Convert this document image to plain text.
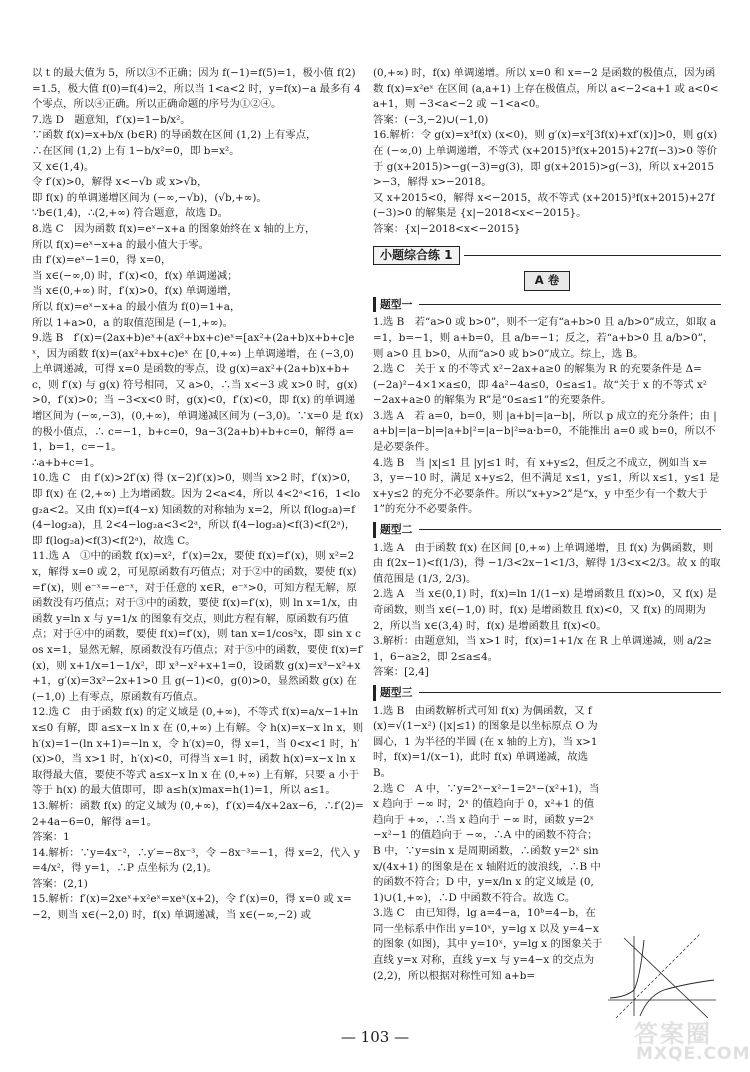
以 t 的最大值为 5，所以③不正确；因为 f(−1)=f(5)=1，极小值 f(2)=1.5，极大值 f(0)=f(4)=2，所以当 1<a<2 时，y=f(x)−a 最多有 4 个零点，所以④正确。所以正确命题的序号为①②④。

7.选 D　题意知，f′(x)=1−b/x²。

∵函数 f(x)=x+b/x (b∈R) 的导函数在区间 (1,2) 上有零点，

∴在区间 (1,2) 上有 1−b/x²=0，即 b=x²。

又 x∈(1,4)。

令 f′(x)>0，解得 x<−√b 或 x>√b，

即 f(x) 的单调递增区间为 (−∞,−√b)，(√b,+∞)。

∵b∈(1,4)，∴(2,+∞) 符合题意，故选 D。

8.选 C　因为函数 f(x)=eˣ−x+a 的图象始终在 x 轴的上方，

所以 f(x)=eˣ−x+a 的最小值大于零。

由 f′(x)=eˣ−1=0，得 x=0，

当 x∈(−∞,0) 时，f′(x)<0，f(x) 单调递减；

当 x∈(0,+∞) 时，f′(x)>0，f(x) 单调递增，

所以 f(x)=eˣ−x+a 的最小值为 f(0)=1+a，

所以 1+a>0，a 的取值范围是 (−1,+∞)。

9.选 B　f′(x)=(2ax+b)eˣ+(ax²+bx+c)eˣ=[ax²+(2a+b)x+b+c]eˣ，因为函数 f(x)=(ax²+bx+c)eˣ 在 [0,+∞) 上单调递增，在 (−3,0) 上单调递减，可得 x=0 是函数的零点，设 g(x)=ax²+(2a+b)x+b+c，则 f′(x) 与 g(x) 符号相同，又 a>0，∴当 x<−3 或 x>0 时，g(x)>0，f′(x)>0；当 −3<x<0 时，g(x)<0，f′(x)<0，即 f(x) 的单调递增区间为 (−∞,−3)，(0,+∞)，单调递减区间为 (−3,0)。∵x=0 是 f(x) 的极小值点，∴ c=−1，b+c=0，9a−3(2a+b)+b+c=0，解得 a=1，b=1，c=−1。

∴a+b+c=1。

10.选 C　由 f′(x)>2f′(x) 得 (x−2)f′(x)>0，则当 x>2 时，f′(x)>0，即 f(x) 在 (2,+∞) 上为增函数。因为 2<a<4，所以 4<2ᵃ<16，1<log₂a<2。又由 f(x)=f(4−x) 知函数的对称轴为 x=2，所以 f(log₂a)=f(4−log₂a)，且 2<4−log₂a<3<2ᵃ，所以 f(4−log₂a)<f(3)<f(2ᵃ)，即 f(log₂a)<f(3)<f(2ᵃ)，故选 C。

11.选 A　①中的函数 f(x)=x²，f′(x)=2x，要使 f(x)=f′(x)，则 x²=2x，解得 x=0 或 2，可见原函数有巧值点；对于②中的函数，要使 f(x)=f′(x)，则 e⁻ˣ=−e⁻ˣ，对于任意的 x∈R，e⁻ˣ>0，可知方程无解，原函数没有巧值点；对于③中的函数，要使 f(x)=f′(x)，则 ln x=1/x，由函数 y=ln x 与 y=1/x 的图象有交点，则此方程有解，原函数有巧值点；对于④中的函数，要使 f(x)=f′(x)，则 tan x=1/cos²x，即 sin x cos x=1，显然无解，原函数没有巧值点；对于⑤中的函数，要使 f(x)=f′(x)，则 x+1/x=1−1/x²，即 x³−x²+x+1=0，设函数 g(x)=x³−x²+x+1，g′(x)=3x²−2x+1>0 且 g(−1)<0，g(0)>0，显然函数 g(x) 在 (−1,0) 上有零点，原函数有巧值点。

12.选 C　由于函数 f(x) 的定义域是 (0,+∞)，不等式 f(x)=a/x−1+ln x≤0 有解，即 a≤x−x ln x 在 (0,+∞) 上有解。令 h(x)=x−x ln x，则 h′(x)=1−(ln x+1)=−ln x，令 h′(x)=0，得 x=1，当 0<x<1 时，h′(x)>0，当 x>1 时，h′(x)<0，可得当 x=1 时，函数 h(x)=x−x ln x 取得最大值，要使不等式 a≤x−x ln x 在 (0,+∞) 上有解，只要 a 小于等于 h(x) 的最大值即可，即 a≤h(x)max=h(1)=1，所以 a≤1。

13.解析：函数 f(x) 的定义域为 (0,+∞)，f′(x)=4/x+2ax−6，∴f′(2)=2+4a−6=0，解得 a=1。

答案：1

14.解析：∵y=4x⁻²，∴y′=−8x⁻³，令 −8x⁻³=−1，得 x=2，代入 y=4/x²，得 y=1，∴P 点坐标为 (2,1)。

答案：(2,1)

15.解析：f′(x)=2xeˣ+x²eˣ=xeˣ(x+2)，令 f′(x)=0，得 x=0 或 x=−2，则当 x∈(−2,0) 时，f(x) 单调递减，当 x∈(−∞,−2) 或

(0,+∞) 时，f(x) 单调递增。所以 x=0 和 x=−2 是函数的极值点，因为函数 f(x)=x²eˣ 在区间 (a,a+1) 上存在极值点，所以 a<−2<a+1 或 a<0<a+1，则 −3<a<−2 或 −1<a<0。

答案：(−3,−2)∪(−1,0)

16.解析：令 g(x)=x³f(x) (x<0)，则 g′(x)=x²[3f(x)+xf′(x)]>0，则 g(x) 在 (−∞,0) 上单调递增，不等式 (x+2015)³f(x+2015)+27f(−3)>0 等价于 g(x+2015)>−g(−3)=g(3)，即 g(x+2015)>g(−3)，所以 x+2015>−3，解得 x>−2018。

又 x+2015<0，解得 x<−2015，故不等式 (x+2015)³f(x+2015)+27f(−3)>0 的解集是 {x|−2018<x<−2015}。

答案：{x|−2018<x<−2015}

小题综合练 1
A 卷
题型一

1.选 B　若“a>0 或 b>0”，则不一定有“a+b>0 且 a/b>0”成立，如取 a=1，b=−1，则 a+b=0，且 a/b=−1；反之，若“a+b>0 且 a/b>0”，则 a>0 且 b>0，从而“a>0 或 b>0”成立。综上，选 B。

2.选 C　关于 x 的不等式 x²−2ax+a≥0 的解集为 R 的充要条件是 Δ=(−2a)²−4×1×a≤0，即 4a²−4a≤0，0≤a≤1。故“关于 x 的不等式 x²−2ax+a≥0 的解集为 R”是“0≤a≤1”的充要条件。

3.选 A　若 a=0，b=0，则 |a+b|=|a−b|，所以 p 成立的充分条件；由 |a+b|=|a−b|⇒|a+b|²=|a−b|²⇒a·b=0，不能推出 a=0 或 b=0，所以不是必要条件。

4.选 B　当 |x|≤1 且 |y|≤1 时，有 x+y≤2，但反之不成立，例如当 x=3，y=−10 时，满足 x+y≤2，但不满足 x≤1，y≤1，所以 x≤1，y≤1 是 x+y≤2 的充分不必要条件。所以“x+y>2”是“x，y 中至少有一个数大于 1”的充分不必要条件。

题型二

1.选 A　由于函数 f(x) 在区间 [0,+∞) 上单调递增，且 f(x) 为偶函数，则由 f(2x−1)<f(1/3)，得 −1/3<2x−1<1/3，解得 1/3<x<2/3。故 x 的取值范围是 (1/3, 2/3)。

2.选 A　当 x∈(0,1) 时，f(x)=ln 1/(1−x) 是增函数且 f(x)>0，又 f(x) 是奇函数，则当 x∈(−1,0) 时，f(x) 是增函数且 f(x)<0，又 f(x) 的周期为 2，所以当 x∈(3,4) 时，f(x) 是增函数且 f(x)<0。

3.解析：由题意知，当 x>1 时，f(x)=1+1/x 在 R 上单调递减，则 a/2≥1，6−a≥2，即 2≤a≤4。

答案：[2,4]

题型三

1.选 B　由函数解析式可知 f(x) 为偶函数，又 f(x)=√(1−x²) (|x|≤1) 的图象是以坐标原点 O 为圆心，1 为半径的半圆 (在 x 轴的上方)，当 x>1 时，f(x)=1/(x−1)，此时 f(x) 单调递减，故选 B。

2.选 C　A 中，∵y=2ˣ−x²−1=2ˣ−(x²+1)，当 x 趋向于 −∞ 时，2ˣ 的值趋向于 0，x²+1 的值趋向于 +∞，∴当 x 趋向于 −∞ 时，函数 y=2ˣ−x²−1 的值趋向于 −∞，∴A 中的函数不符合；B 中，∵y=sin x 是周期函数，∴函数 y=2ˣ sin x/(4x+1) 的图象是在 x 轴附近的波浪线，∴B 中的函数不符合；D 中，y=x/ln x 的定义域是 (0,1)∪(1,+∞)，∴D 中函数不符合。故选 C。

3.选 C　由已知得，lg a=4−a，10ᵇ=4−b，在同一坐标系中作出 y=10ˣ，y=lg x 以及 y=4−x 的图象 (如图)，其中 y=10ˣ，y=lg x 的图象关于直线 y=x 对称，直线 y=x 与 y=4−x 的交点为 (2,2)，所以根据对称性可知 a+b=

— 103 —	答案圈
MXQE.COM
